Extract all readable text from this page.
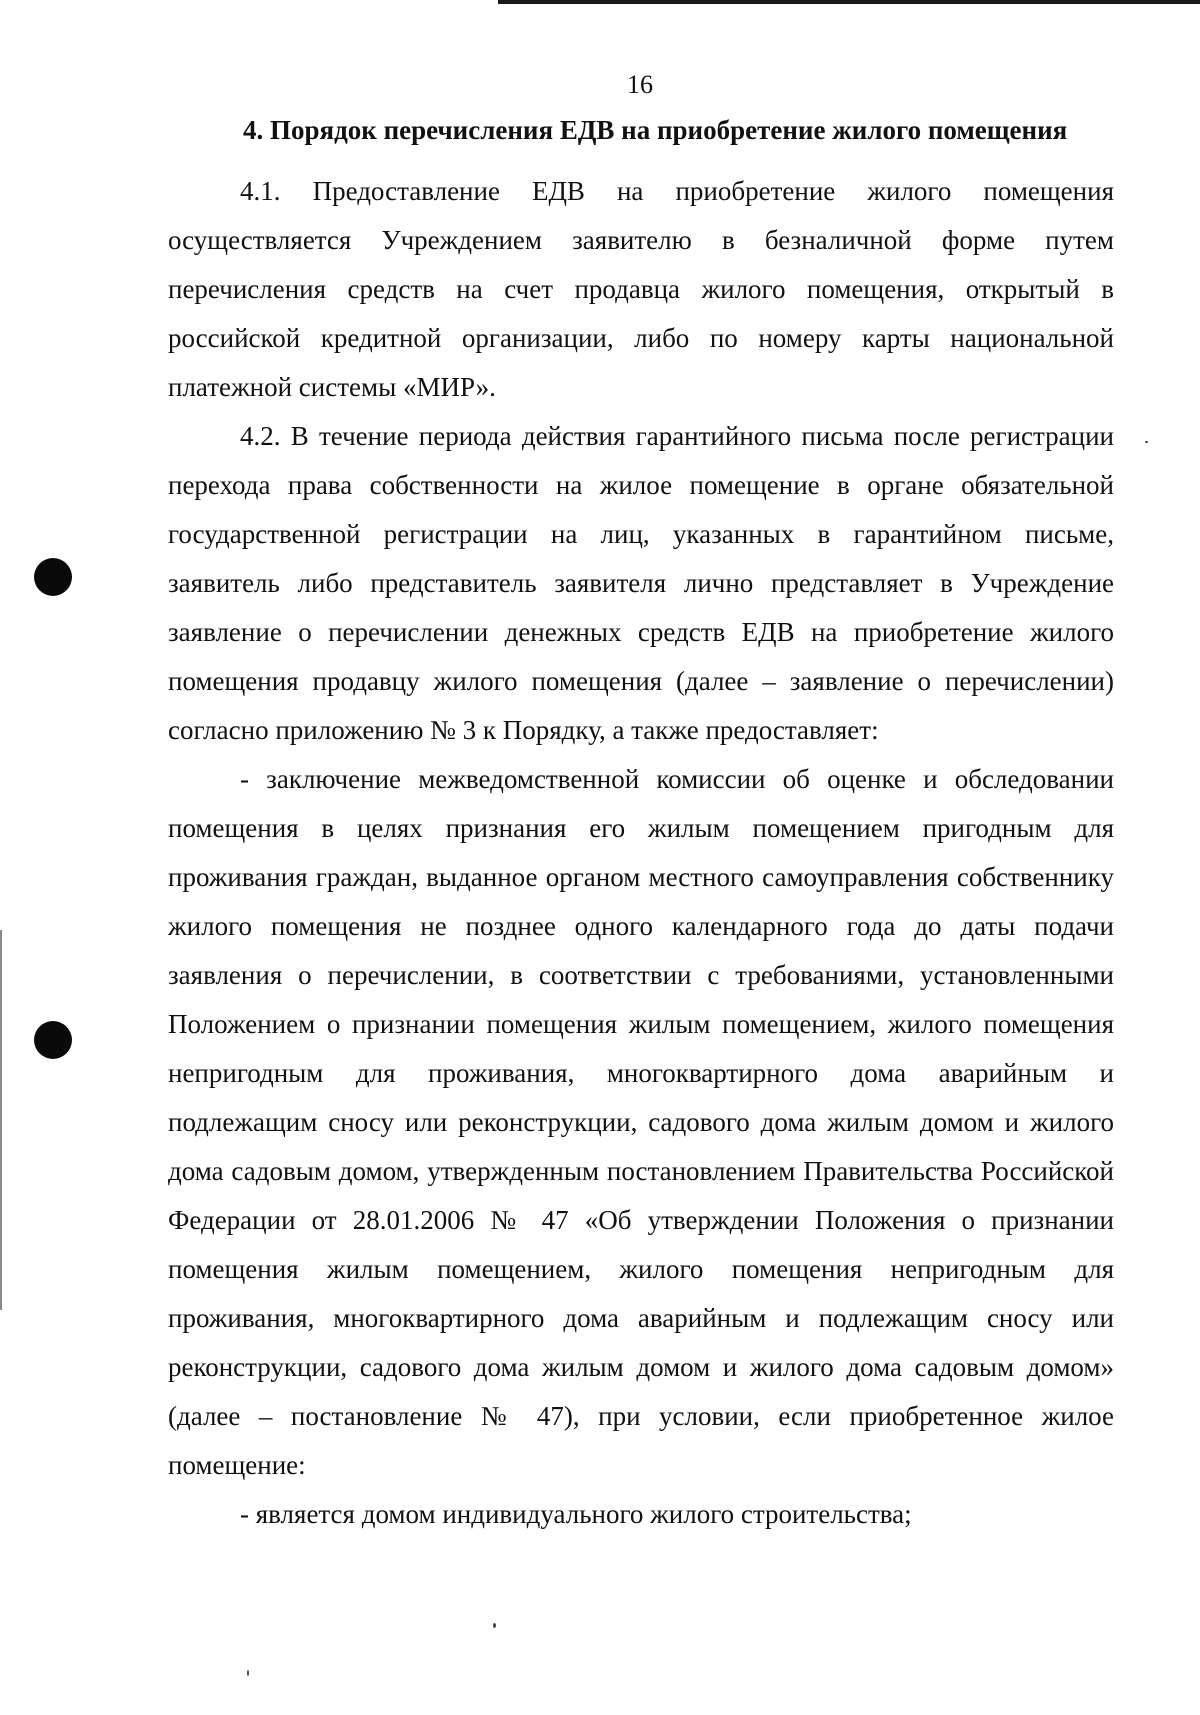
16
4. Порядок перечисления ЕДВ на приобретение жилого помещения

4.1. Предоставление ЕДВ на приобретение жилого помещения осуществляется Учреждением заявителю в безналичной форме путем перечисления средств на счет продавца жилого помещения, открытый в российской кредитной организации, либо по номеру карты национальной платежной системы «МИР».

4.2. В течение периода действия гарантийного письма после регистрации перехода права собственности на жилое помещение в органе обязательной государственной регистрации на лиц, указанных в гарантийном письме, заявитель либо представитель заявителя лично представляет в Учреждение заявление о перечислении денежных средств ЕДВ на приобретение жилого помещения продавцу жилого помещения (далее – заявление о перечислении) согласно приложению № 3 к Порядку, а также предоставляет:

- заключение межведомственной комиссии об оценке и обследовании помещения в целях признания его жилым помещением пригодным для проживания граждан, выданное органом местного самоуправления собственнику жилого помещения не позднее одного календарного года до даты подачи заявления о перечислении, в соответствии с требованиями, установленными Положением о признании помещения жилым помещением, жилого помещения непригодным для проживания, многоквартирного дома аварийным и подлежащим сносу или реконструкции, садового дома жилым домом и жилого дома садовым домом, утвержденным постановлением Правительства Российской Федерации от 28.01.2006 № 47 «Об утверждении Положения о признании помещения жилым помещением, жилого помещения непригодным для проживания, многоквартирного дома аварийным и подлежащим сносу или реконструкции, садового дома жилым домом и жилого дома садовым домом» (далее – постановление № 47), при условии, если приобретенное жилое помещение:

- является домом индивидуального жилого строительства;
